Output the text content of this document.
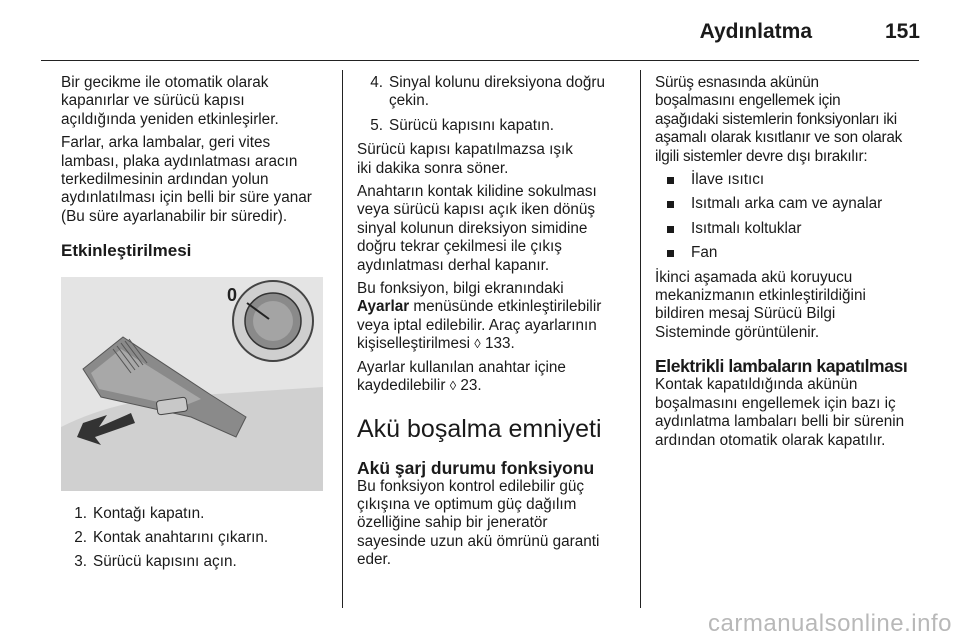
Aydınlatma	151

Bir gecikme ile otomatik olarak
kapanırlar ve sürücü kapısı
açıldığında yeniden etkinleşirler.

Farlar, arka lambalar, geri vites
lambası, plaka aydınlatması aracın
terkedilmesinin ardından yolun
aydınlatılması için belli bir süre yanar
(Bu süre ayarlanabilir bir süredir).

Etkinleştirilmesi

0
1. Kontağı kapatın.
2. Kontak anahtarını çıkarın.
3. Sürücü kapısını açın.
4. Sinyal kolunu direksiyona doğru
çekin.
5. Sürücü kapısını kapatın.

Sürücü kapısı kapatılmazsa ışık
iki dakika sonra söner.

Anahtarın kontak kilidine sokulması
veya sürücü kapısı açık iken dönüş
sinyal kolunun direksiyon simidine
doğru tekrar çekilmesi ile çıkış
aydınlatması derhal kapanır.

Bu fonksiyon, bilgi ekranındaki
Ayarlar menüsünde etkinleştirilebilir
veya iptal edilebilir. Araç ayarlarının
kişiselleştirilmesi ◊ 133.

Ayarlar kullanılan anahtar içine
kaydedilebilir ◊ 23.

Akü boşalma emniyeti

Akü şarj durumu fonksiyonu

Bu fonksiyon kontrol edilebilir güç
çıkışına ve optimum güç dağılım
özelliğine sahip bir jeneratör
sayesinde uzun akü ömrünü garanti
eder.

Sürüş esnasında akünün
boşalmasını engellemek için
aşağıdaki sistemlerin fonksiyonları iki
aşamalı olarak kısıtlanır ve son olarak
ilgili sistemler devre dışı bırakılır:

İlave ısıtıcı
Isıtmalı arka cam ve aynalar
Isıtmalı koltuklar
Fan

İkinci aşamada akü koruyucu
mekanizmanın etkinleştirildiğini
bildiren mesaj Sürücü Bilgi
Sisteminde görüntülenir.

Elektrikli lambaların kapatılması

Kontak kapatıldığında akünün
boşalmasını engellemek için bazı iç
aydınlatma lambaları belli bir sürenin
ardından otomatik olarak kapatılır.

carmanualsonline.info
